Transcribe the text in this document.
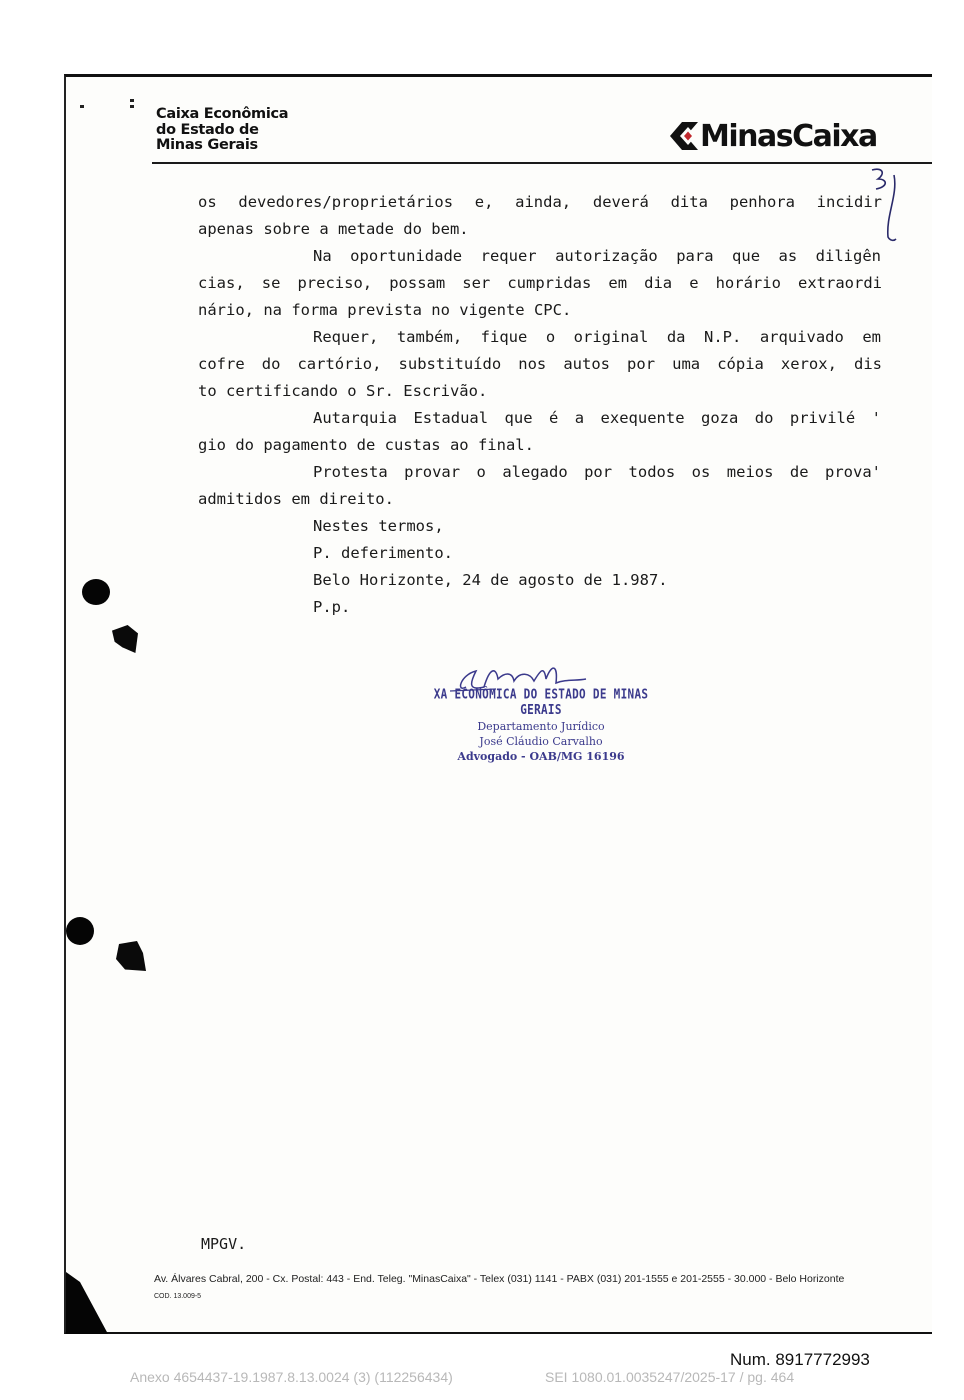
Caixa Econômica
do Estado de
Minas Gerais	MinasCaixa
os devedores/proprietários e, ainda, deverá dita penhora incidir
apenas sobre a metade do bem.
Na oportunidade requer autorização para que as diligên
cias, se preciso, possam ser cumpridas em dia e horário extraordi
nário, na forma prevista no vigente CPC.
Requer, também, fique o original da N.P. arquivado em
cofre do cartório, substituído nos autos por uma cópia xerox, dis
to certificando o Sr. Escrivão.
Autarquia Estadual que é a exequente goza do privilé '
gio do pagamento de custas ao final.
Protesta provar o alegado por todos os meios de prova'
admitidos em direito.
Nestes termos,
P. deferimento.
Belo Horizonte, 24 de agosto de 1.987.
P.p.
XA ECONÔMICA DO ESTADO DE MINAS GERAIS
Departamento Jurídico
José Cláudio Carvalho
Advogado - OAB/MG 16196
MPGV.
Av. Álvares Cabral, 200 - Cx. Postal: 443 - End. Teleg. "MinasCaixa" - Telex (031) 1141 - PABX (031) 201-1555 e 201-2555 - 30.000 - Belo Horizonte
COD. 13.009-5
Num. 8917772993
Anexo 4654437-19.1987.8.13.0024 (3) (112256434)	SEI 1080.01.0035247/2025-17 / pg. 464
